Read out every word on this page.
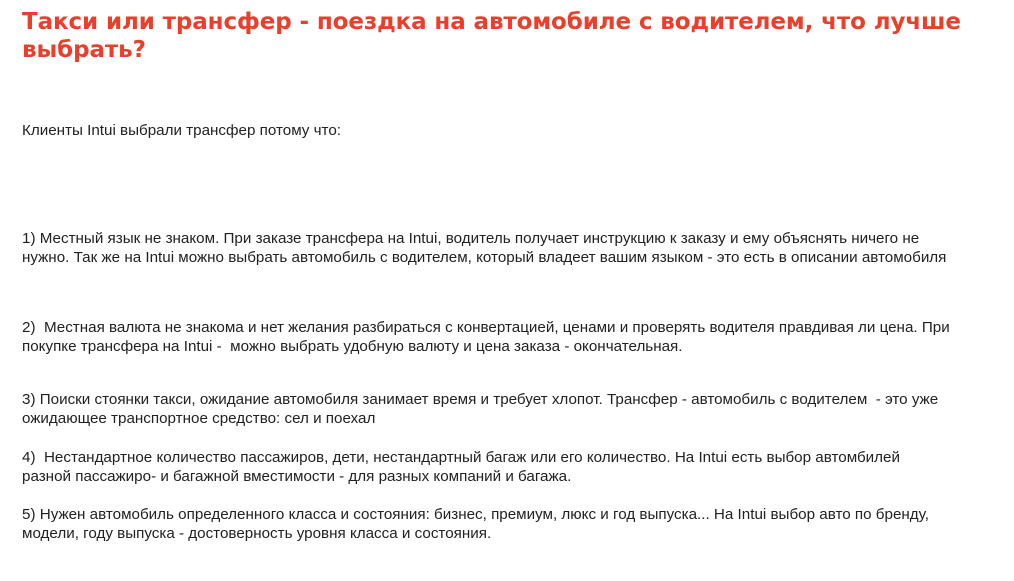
Такси или трансфер - поездка на автомобиле с водителем, что лучше
выбрать?

Клиенты Intui выбрали трансфер потому что:

1) Местный язык не знаком. При заказе трансфера на Intui, водитель получает инструкцию к заказу и ему объяснять ничего не
нужно. Так же на Intui можно выбрать автомобиль с водителем, который владеет вашим языком - это есть в описании автомобиля

2)  Местная валюта не знакома и нет желания разбираться с конвертацией, ценами и проверять водителя правдивая ли цена. При
покупке трансфера на Intui -  можно выбрать удобную валюту и цена заказа - окончательная.

3) Поиски стоянки такси, ожидание автомобиля занимает время и требует хлопот. Трансфер - автомобиль с водителем  - это уже
ожидающее транспортное средство: сел и поехал

4)  Нестандартное количество пассажиров, дети, нестандартный багаж или его количество. На Intui есть выбор автомбилей
разной пассажиро- и багажной вместимости - для разных компаний и багажа.

5) Нужен автомобиль определенного класса и состояния: бизнес, премиум, люкс и год выпуска... На Intui выбор авто по бренду,
модели, году выпуска - достоверность уровня класса и состояния.
